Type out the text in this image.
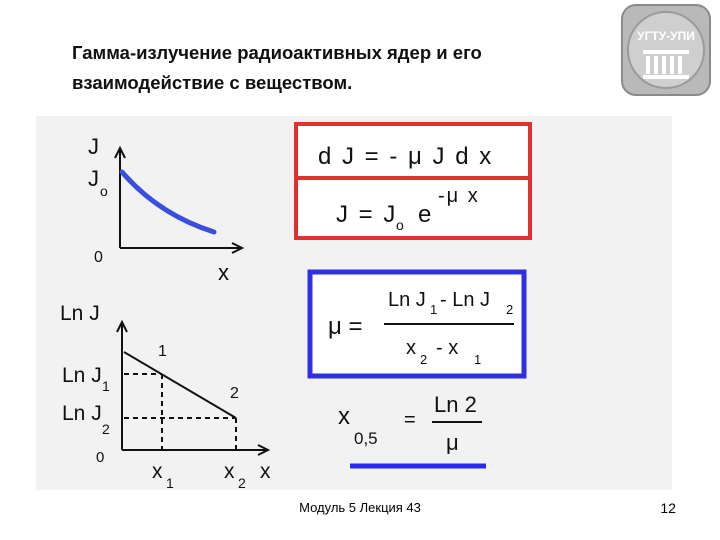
Гамма-излучение радиоактивных ядер и его
взаимодействие с веществом.
УГТУ-УПИ
J
J o
0
x
Ln J
Ln J 1
Ln J
2
0
1
2
x 1 x 2 x
d J = - μ J d x
J = J
o e
-μ x
μ =
Ln J 1 - Ln J 2
x
2
- x
1
x
0,5
=
Ln 2
μ
Модуль 5 Лекция 43	12
